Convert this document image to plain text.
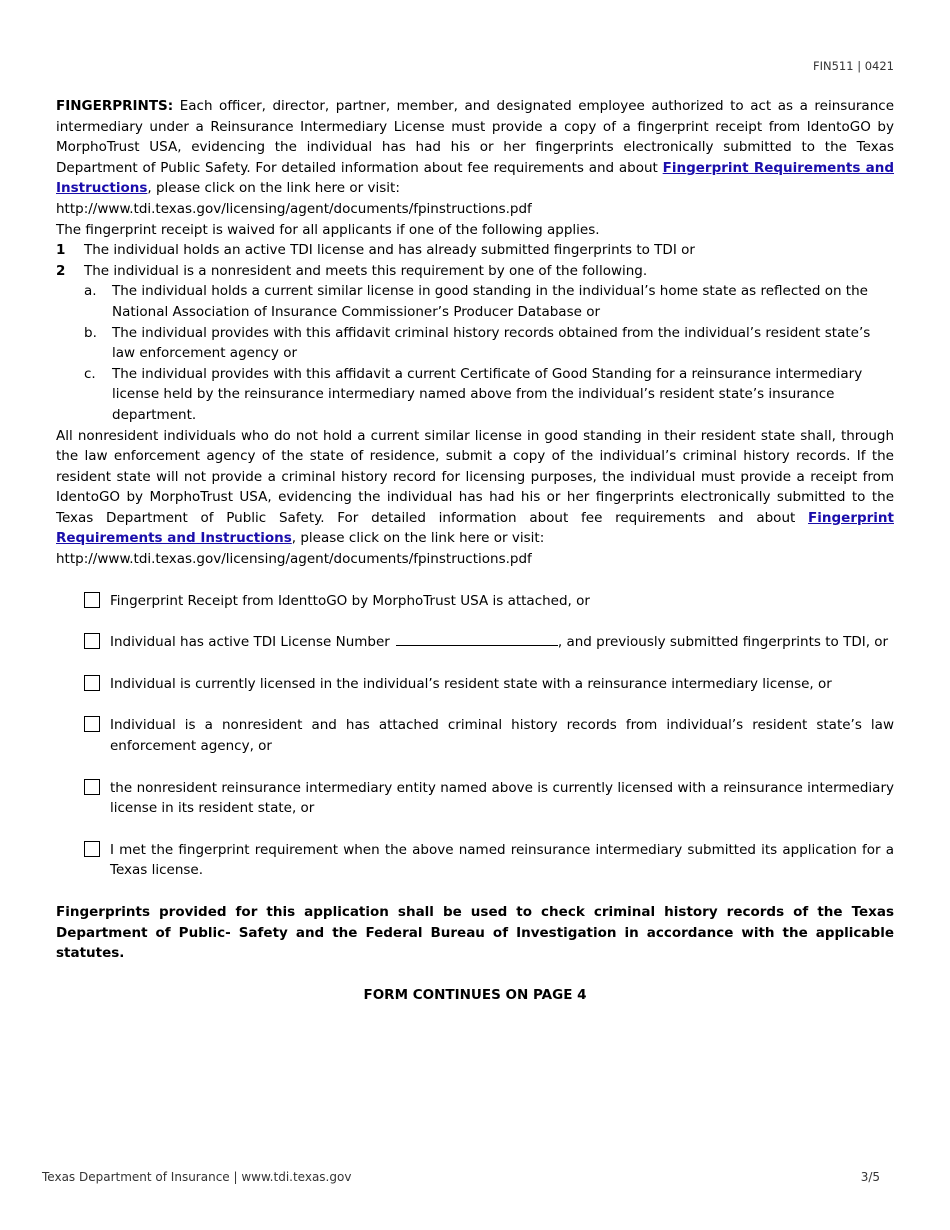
FIN511 | 0421

FINGERPRINTS: Each officer, director, partner, member, and designated employee authorized to act as a reinsurance intermediary under a Reinsurance Intermediary License must provide a copy of a fingerprint receipt from IdentoGO by MorphoTrust USA, evidencing the individual has had his or her fingerprints electronically submitted to the Texas Department of Public Safety. For detailed information about fee requirements and about Fingerprint Requirements and Instructions, please click on the link here or visit:

http://www.tdi.texas.gov/licensing/agent/documents/fpinstructions.pdf

The fingerprint receipt is waived for all applicants if one of the following applies.

1	The individual holds an active TDI license and has already submitted fingerprints to TDI or
2	The individual is a nonresident and meets this requirement by one of the following.
a.	The individual holds a current similar license in good standing in the individual’s home state as reflected on the National Association of Insurance Commissioner’s Producer Database or
b.	The individual provides with this affidavit criminal history records obtained from the individual’s resident state’s law enforcement agency or
c.	The individual provides with this affidavit a current Certificate of Good Standing for a reinsurance intermediary license held by the reinsurance intermediary named above from the individual’s resident state’s insurance department.

All nonresident individuals who do not hold a current similar license in good standing in their resident state shall, through the law enforcement agency of the state of residence, submit a copy of the individual’s criminal history records. If the resident state will not provide a criminal history record for licensing purposes, the individual must provide a receipt from IdentoGO by MorphoTrust USA, evidencing the individual has had his or her fingerprints electronically submitted to the Texas Department of Public Safety. For detailed information about fee requirements and about Fingerprint Requirements and Instructions, please click on the link here or visit:

http://www.tdi.texas.gov/licensing/agent/documents/fpinstructions.pdf

Fingerprint Receipt from IdenttoGO by MorphoTrust USA is attached, or
Individual has active TDI License Number	, and previously submitted fingerprints to TDI, or
Individual is currently licensed in the individual’s resident state with a reinsurance intermediary license, or
Individual is a nonresident and has attached criminal history records from individual’s resident state’s law enforcement agency, or
the nonresident reinsurance intermediary entity named above is currently licensed with a reinsurance intermediary license in its resident state, or
I met the fingerprint requirement when the above named reinsurance intermediary submitted its application for a Texas license.

Fingerprints provided for this application shall be used to check criminal history records of the Texas Department of Public- Safety and the Federal Bureau of Investigation in accordance with the applicable statutes.

FORM CONTINUES ON PAGE 4

Texas Department of Insurance | www.tdi.texas.gov	3/5
